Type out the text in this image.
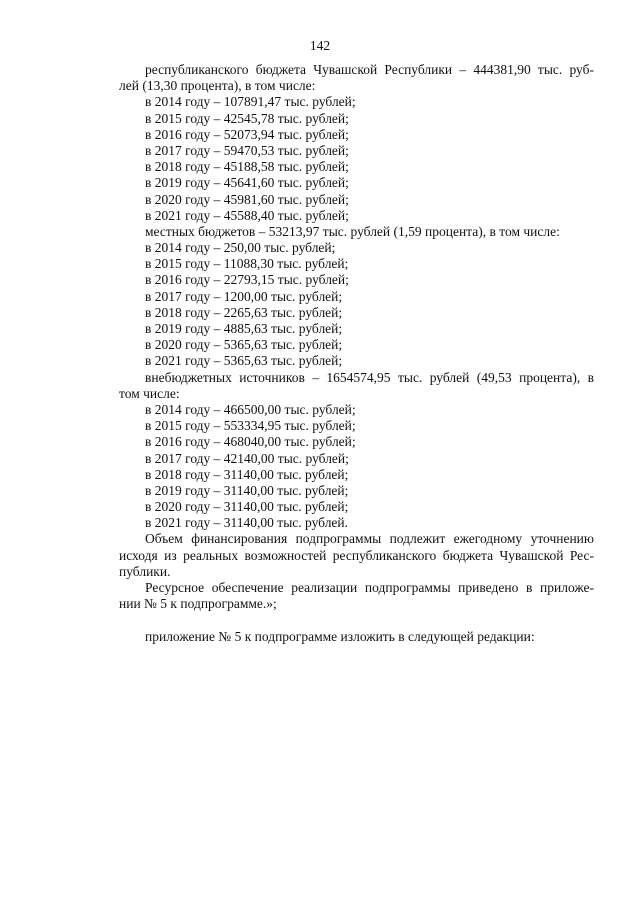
142
республиканского бюджета Чувашской Республики – 444381,90 тыс. руб-
лей (13,30 процента), в том числе:
в 2014 году – 107891,47 тыс. рублей;
в 2015 году – 42545,78 тыс. рублей;
в 2016 году – 52073,94 тыс. рублей;
в 2017 году – 59470,53 тыс. рублей;
в 2018 году – 45188,58 тыс. рублей;
в 2019 году – 45641,60 тыс. рублей;
в 2020 году – 45981,60 тыс. рублей;
в 2021 году – 45588,40 тыс. рублей;
местных бюджетов – 53213,97 тыс. рублей (1,59 процента), в том числе:
в 2014 году – 250,00 тыс. рублей;
в 2015 году – 11088,30 тыс. рублей;
в 2016 году – 22793,15 тыс. рублей;
в 2017 году – 1200,00 тыс. рублей;
в 2018 году – 2265,63 тыс. рублей;
в 2019 году – 4885,63 тыс. рублей;
в 2020 году – 5365,63 тыс. рублей;
в 2021 году – 5365,63 тыс. рублей;
внебюджетных источников – 1654574,95 тыс. рублей (49,53 процента), в
том числе:
в 2014 году – 466500,00 тыс. рублей;
в 2015 году – 553334,95 тыс. рублей;
в 2016 году – 468040,00 тыс. рублей;
в 2017 году – 42140,00 тыс. рублей;
в 2018 году – 31140,00 тыс. рублей;
в 2019 году – 31140,00 тыс. рублей;
в 2020 году – 31140,00 тыс. рублей;
в 2021 году – 31140,00 тыс. рублей.
Объем финансирования подпрограммы подлежит ежегодному уточнению
исходя из реальных возможностей республиканского бюджета Чувашской Рес-
публики.
Ресурсное обеспечение реализации подпрограммы приведено в приложе-
нии № 5 к подпрограмме.»;
приложение № 5 к подпрограмме изложить в следующей редакции:
